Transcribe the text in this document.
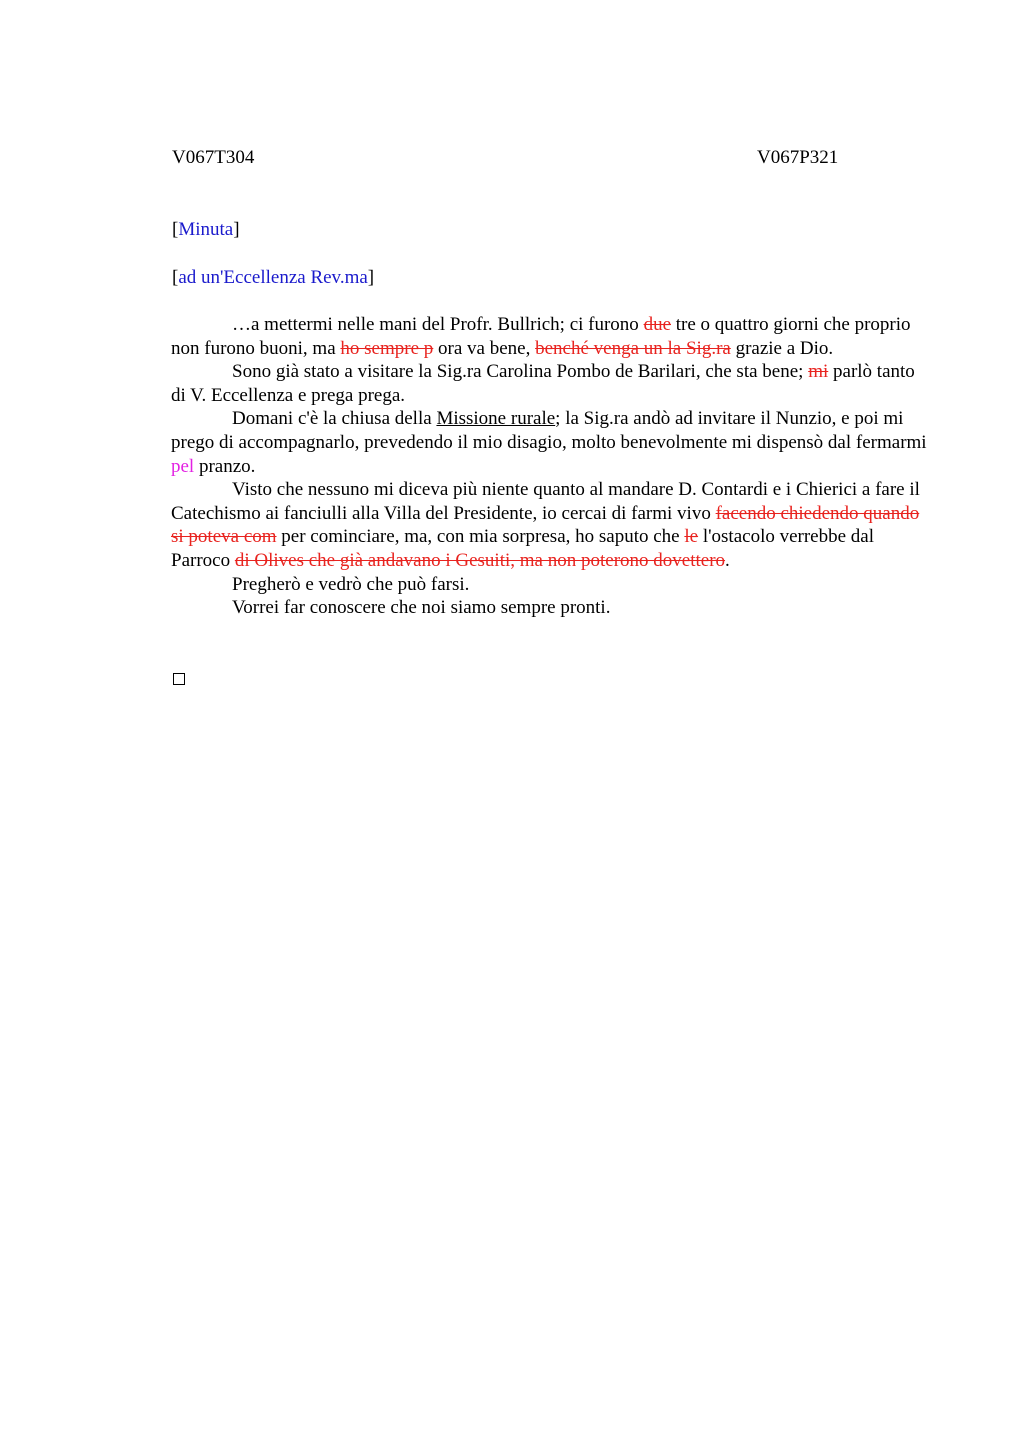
V067T304	V067P321
[Minuta]
[ad un'Eccellenza Rev.ma]

…a mettermi nelle mani del Profr. Bullrich; ci furono due tre o quattro giorni che proprio non furono buoni, ma ho sempre p ora va bene, benché venga un la Sig.ra grazie a Dio.

Sono già stato a visitare la Sig.ra Carolina Pombo de Barilari, che sta bene; mi parlò tanto di V. Eccellenza e prega prega.

Domani c'è la chiusa della Missione rurale; la Sig.ra andò ad invitare il Nunzio, e poi mi prego di accompagnarlo, prevedendo il mio disagio, molto benevolmente mi dispensò dal fermarmi pel pranzo.

Visto che nessuno mi diceva più niente quanto al mandare D. Contardi e i Chierici a fare il Catechismo ai fanciulli alla Villa del Presidente, io cercai di farmi vivo facendo chiedendo quando si poteva com per cominciare, ma, con mia sorpresa, ho saputo che le l'ostacolo verrebbe dal Parroco di Olives che già andavano i Gesuiti, ma non poterono dovettero.

Pregherò e vedrò che può farsi.

Vorrei far conoscere che noi siamo sempre pronti.
